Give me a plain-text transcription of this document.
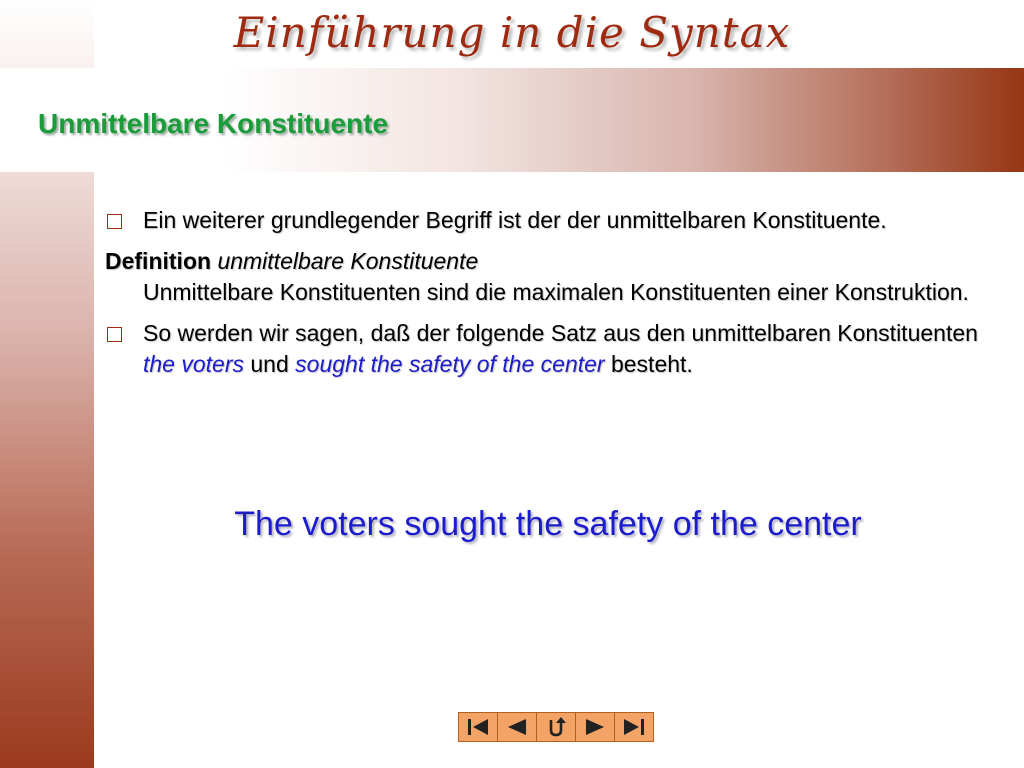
Einführung in die Syntax
Unmittelbare Konstituente
Ein weiterer grundlegender Begriff ist der der unmittelbaren Konstituente.
Definition unmittelbare Konstituente
Unmittelbare Konstituenten sind die maximalen Konstituenten einer Konstruktion.
So werden wir sagen, daß der folgende Satz aus den unmittelbaren Konstituenten the voters und sought the safety of the center besteht.
The voters sought the safety of the center
